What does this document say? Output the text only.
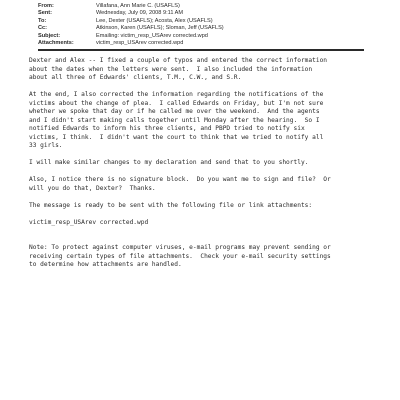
From:	Villafana, Ann Marie C. (USAFLS)
Sent:	Wednesday, July 09, 2008 9:11 AM
To:	Lee, Dexter (USAFLS); Acosta, Alex (USAFLS)
Cc:	Atkinson, Karen (USAFLS); Sloman, Jeff (USAFLS)
Subject:	Emailing: victim_resp_USArev corrected.wpd
Attachments:	victim_resp_USArev corrected.wpd
Dexter and Alex -- I fixed a couple of typos and entered the correct information
about the dates when the letters were sent.  I also included the information
about all three of Edwards' clients, T.M., C.W., and S.R.
At the end, I also corrected the information regarding the notifications of the
victims about the change of plea.  I called Edwards on Friday, but I'm not sure
whether we spoke that day or if he called me over the weekend.  And the agents
and I didn't start making calls together until Monday after the hearing.  So I
notified Edwards to inform his three clients, and PBPD tried to notify six
victims, I think.  I didn't want the court to think that we tried to notify all
33 girls.
I will make similar changes to my declaration and send that to you shortly.
Also, I notice there is no signature block.  Do you want me to sign and file?  Or
will you do that, Dexter?  Thanks.
The message is ready to be sent with the following file or link attachments:
victim_resp_USArev corrected.wpd
Note: To protect against computer viruses, e-mail programs may prevent sending or
receiving certain types of file attachments.  Check your e-mail security settings
to determine how attachments are handled.
